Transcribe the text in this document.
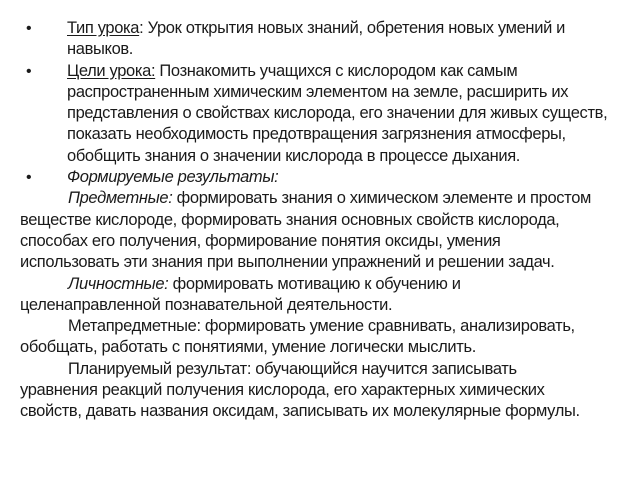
•	Тип урока: Урок открытия новых знаний, обретения новых умений и
навыков.
•	Цели урока: Познакомить учащихся с кислородом как самым
распространенным химическим элементом на земле, расширить их
представления о свойствах кислорода, его значении для живых существ,
показать необходимость предотвращения загрязнения атмосферы,
обобщить знания о значении кислорода в процессе дыхания.
•	Формируемые результаты:
Предметные: формировать знания о химическом элементе и простом
веществе кислороде, формировать знания основных свойств кислорода,
способах его получения, формирование понятия оксиды, умения
использовать эти знания при выполнении упражнений и решении задач.
Личностные: формировать мотивацию к обучению и
целенаправленной познавательной деятельности.
Метапредметные: формировать умение сравнивать, анализировать,
обобщать, работать с понятиями, умение логически мыслить.
Планируемый результат: обучающийся научится записывать
уравнения реакций получения кислорода, его характерных химических
свойств, давать названия оксидам, записывать их молекулярные формулы.
